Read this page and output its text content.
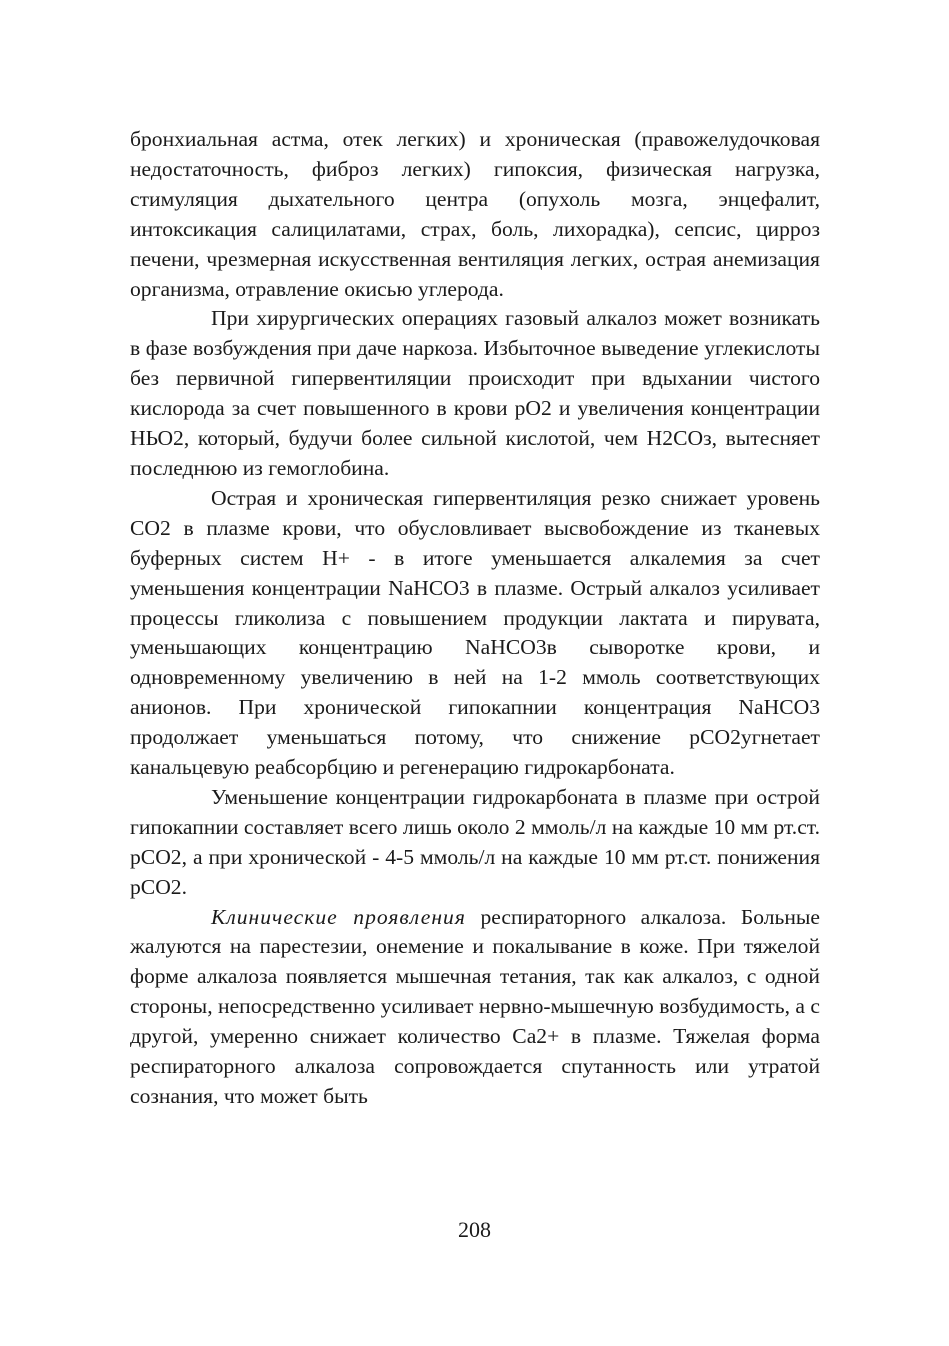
бронхиальная астма, отек легких) и хроническая (правожелудочковая недостаточность, фиброз легких) гипоксия, физическая нагрузка, стимуляция дыхательного центра (опухоль мозга, энцефалит, интоксикация салицилатами, страх, боль, лихорадка), сепсис, цирроз печени, чрезмерная искусственная вентиляция легких, острая анемизация организма, отравление окисью углерода.

При хирургических операциях газовый алкалоз может возникать в фазе возбуждения при даче наркоза. Избыточное выведение углекислоты без первичной гипервентиляции происходит при вдыхании чистого кислорода за счет повышенного в крови рО2 и увеличения концентрации НЬО2, который, будучи более сильной кислотой, чем Н2СОз, вытесняет последнюю из гемоглобина.

Острая и хроническая гипервентиляция резко снижает уровень СО2 в плазме крови, что обусловливает высвобождение из тканевых буферных систем Н+ - в итоге уменьшается алкалемия за счет уменьшения концентрации NaHCO3 в плазме. Острый алкалоз усиливает процессы гликолиза с повышением продукции лактата и пирувата, уменьшающих концентрацию NaHCO3в сыворотке крови, и одновременному увеличению в ней на 1-2 ммоль соответствующих анионов. При хронической гипокапнии концентрация NaHCO3 продолжает уменьшаться потому, что снижение рСО2угнетает канальцевую реабсорбцию и регенерацию гидрокарбоната.

Уменьшение концентрации гидрокарбоната в плазме при острой гипокапнии составляет всего лишь около 2 ммоль/л на каждые 10 мм рт.ст. рСО2, а при хронической - 4-5 ммоль/л на каждые 10 мм рт.ст. понижения рСО2.

Клинические проявления респираторного алкалоза. Больные жалуются на парестезии, онемение и покалывание в коже. При тяжелой форме алкалоза появляется мышечная тетания, так как алкалоз, с одной стороны, непосредственно усиливает нервно-мышечную возбудимость, а с другой, умеренно снижает количество Са2+ в плазме. Тяжелая форма респираторного алкалоза сопровождается спутанность или утратой сознания, что может быть

208
